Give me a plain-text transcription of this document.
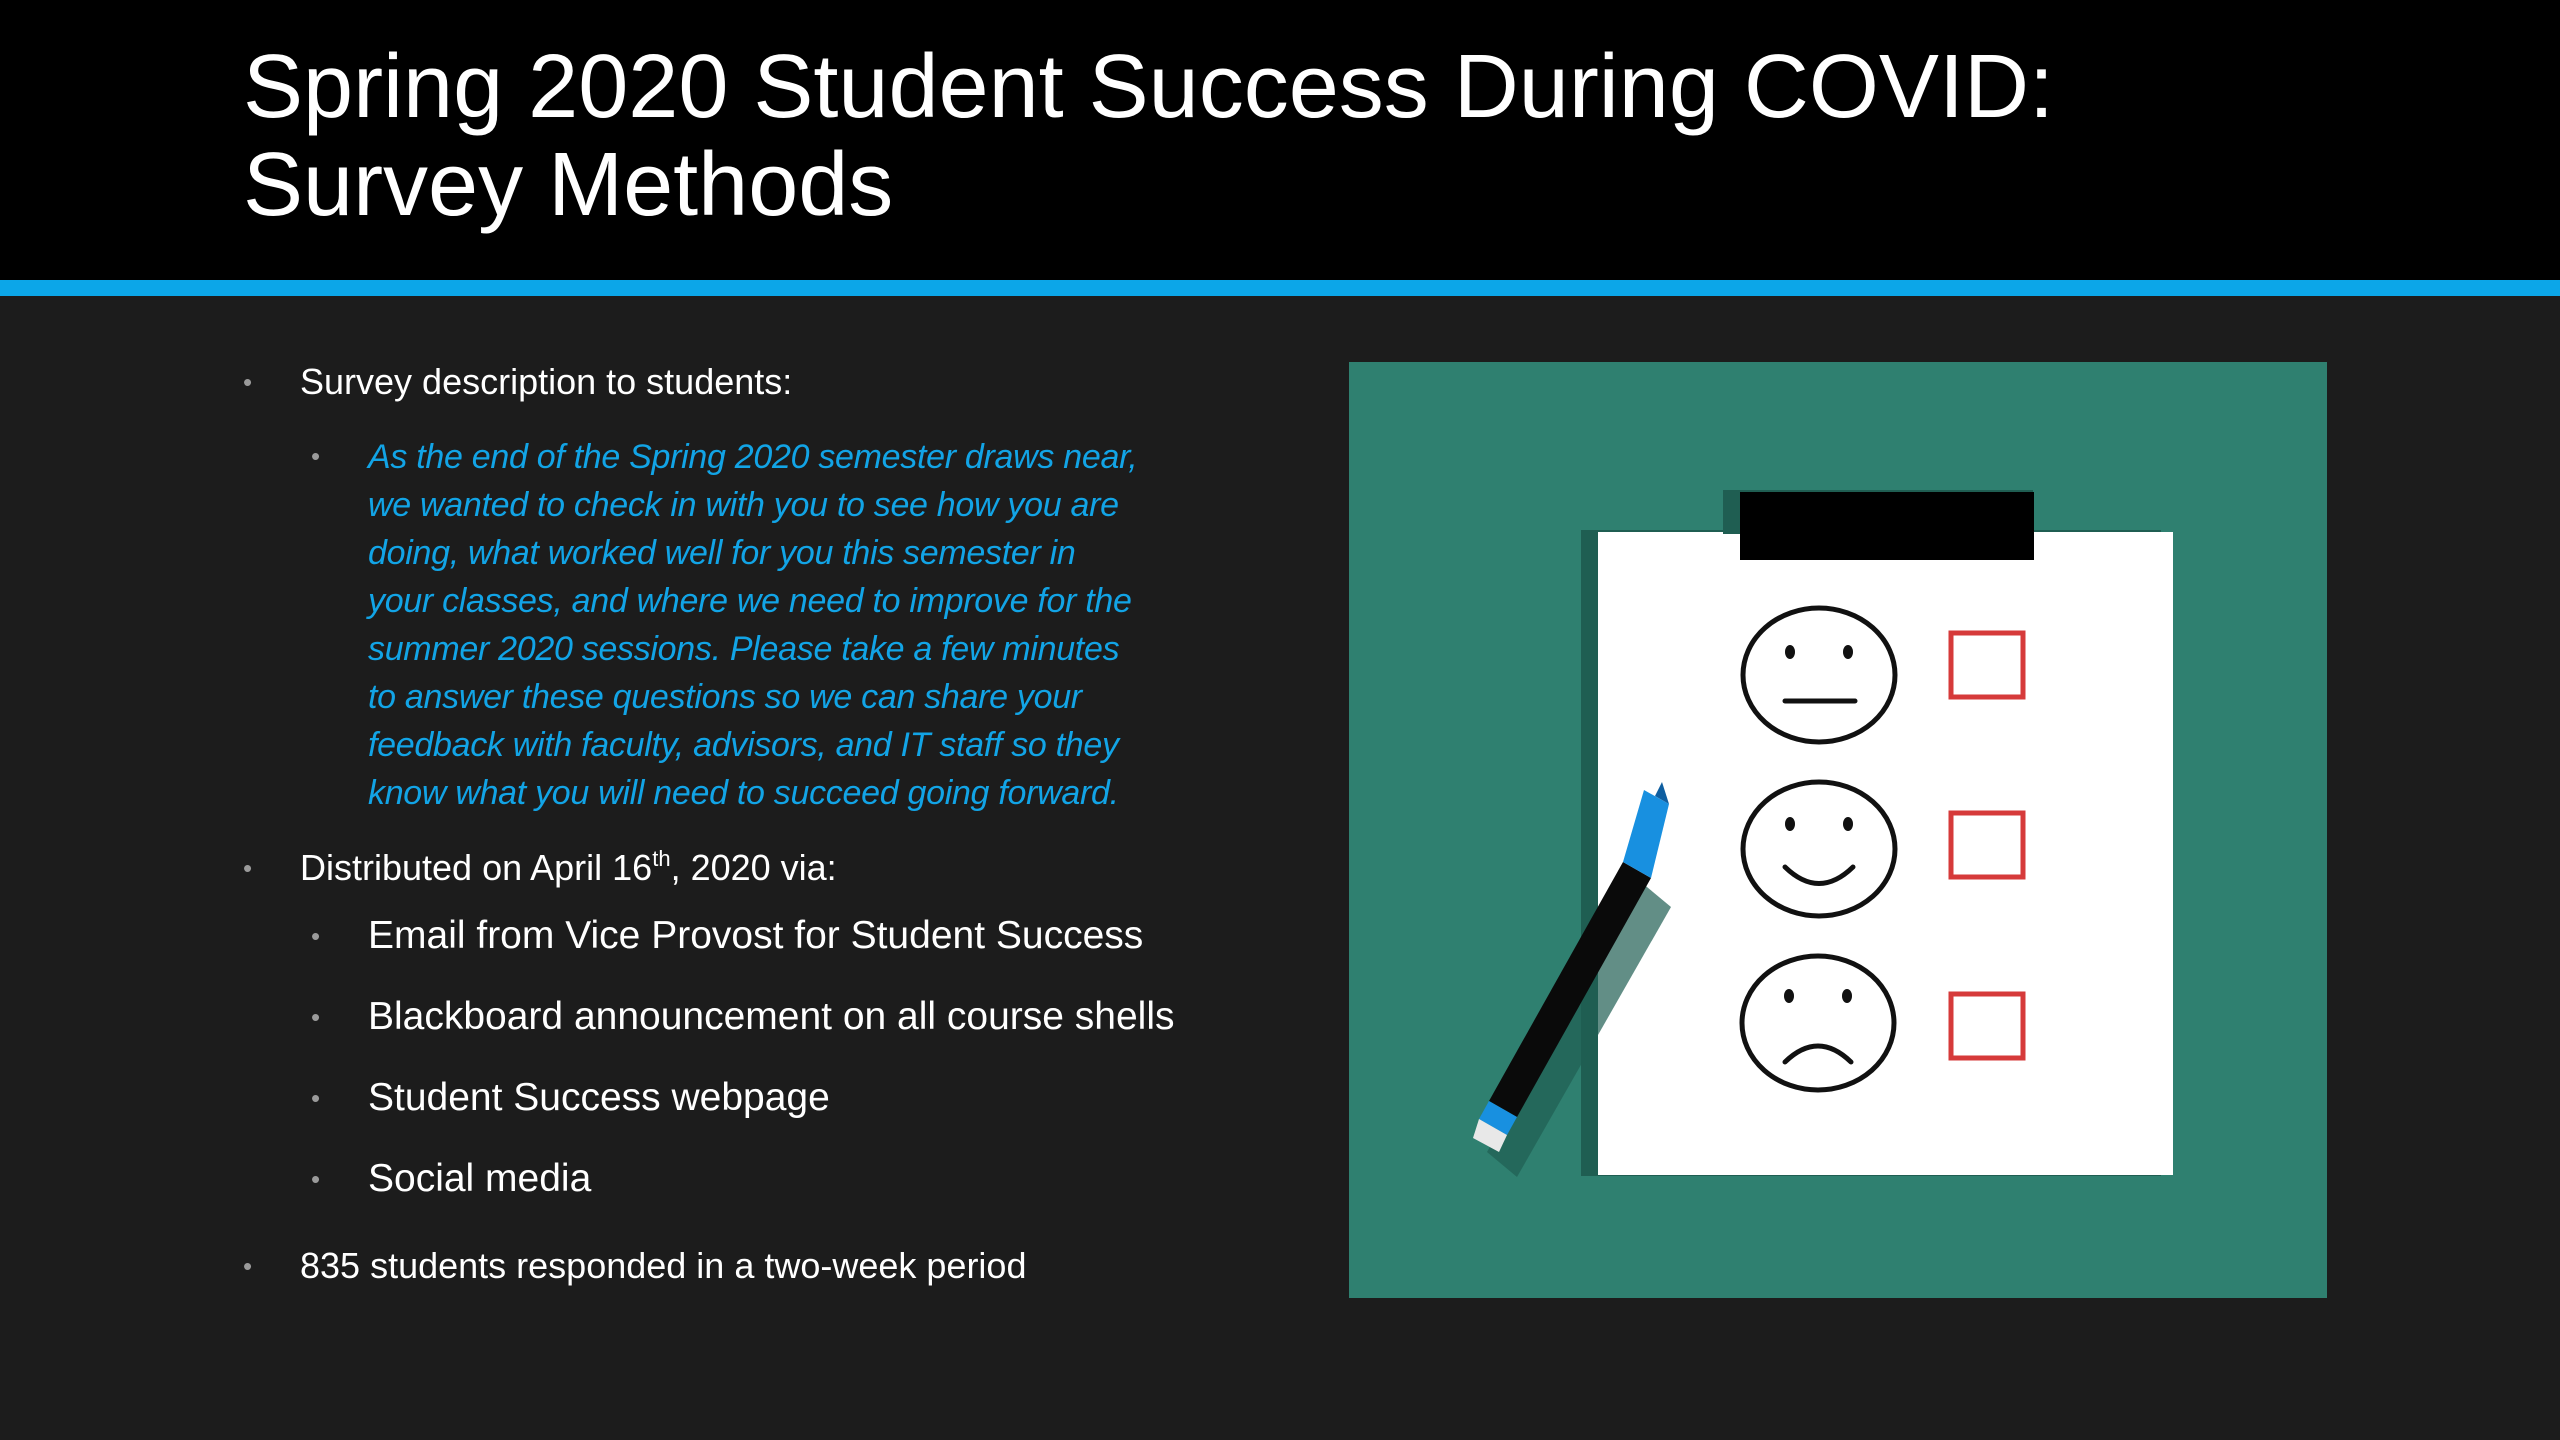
Spring 2020 Student Success During COVID:
Survey Methods
• Survey description to students:
• As the end of the Spring 2020 semester draws near, we wanted to check in with you to see how you are doing, what worked well for you this semester in your classes, and where we need to improve for the summer 2020 sessions. Please take a few minutes to answer these questions so we can share your feedback with faculty, advisors, and IT staff so they know what you will need to succeed going forward.
• Distributed on April 16th, 2020 via:
• Email from Vice Provost for Student Success
• Blackboard announcement on all course shells
• Student Success webpage
• Social media
• 835 students responded in a two-week period
